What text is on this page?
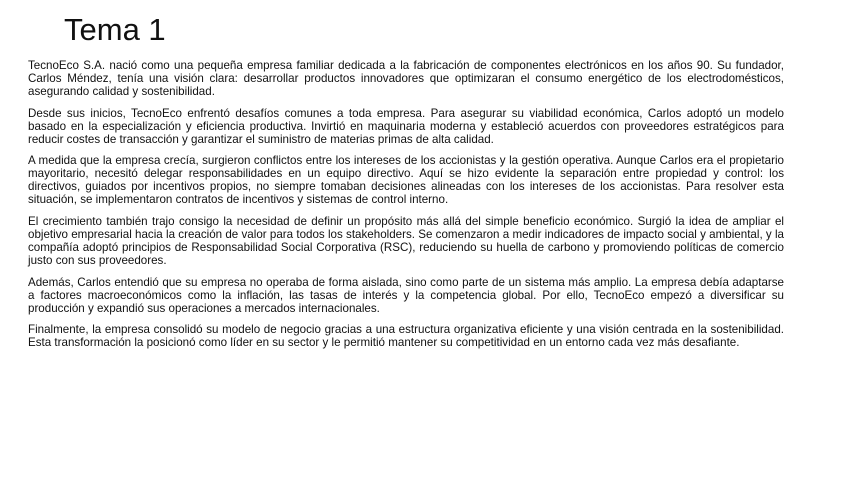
Tema 1

TecnoEco S.A. nació como una pequeña empresa familiar dedicada a la fabricación de componentes electrónicos en los años 90. Su fundador, Carlos Méndez, tenía una visión clara: desarrollar productos innovadores que optimizaran el consumo energético de los electrodomésticos, asegurando calidad y sostenibilidad.

Desde sus inicios, TecnoEco enfrentó desafíos comunes a toda empresa. Para asegurar su viabilidad económica, Carlos adoptó un modelo basado en la especialización y eficiencia productiva. Invirtió en maquinaria moderna y estableció acuerdos con proveedores estratégicos para reducir costes de transacción y garantizar el suministro de materias primas de alta calidad.

A medida que la empresa crecía, surgieron conflictos entre los intereses de los accionistas y la gestión operativa. Aunque Carlos era el propietario mayoritario, necesitó delegar responsabilidades en un equipo directivo. Aquí se hizo evidente la separación entre propiedad y control: los directivos, guiados por incentivos propios, no siempre tomaban decisiones alineadas con los intereses de los accionistas. Para resolver esta situación, se implementaron contratos de incentivos y sistemas de control interno.

El crecimiento también trajo consigo la necesidad de definir un propósito más allá del simple beneficio económico. Surgió la idea de ampliar el objetivo empresarial hacia la creación de valor para todos los stakeholders. Se comenzaron a medir indicadores de impacto social y ambiental, y la compañía adoptó principios de Responsabilidad Social Corporativa (RSC), reduciendo su huella de carbono y promoviendo políticas de comercio justo con sus proveedores.

Además, Carlos entendió que su empresa no operaba de forma aislada, sino como parte de un sistema más amplio. La empresa debía adaptarse a factores macroeconómicos como la inflación, las tasas de interés y la competencia global. Por ello, TecnoEco empezó a diversificar su producción y expandió sus operaciones a mercados internacionales.

Finalmente, la empresa consolidó su modelo de negocio gracias a una estructura organizativa eficiente y una visión centrada en la sostenibilidad. Esta transformación la posicionó como líder en su sector y le permitió mantener su competitividad en un entorno cada vez más desafiante.
